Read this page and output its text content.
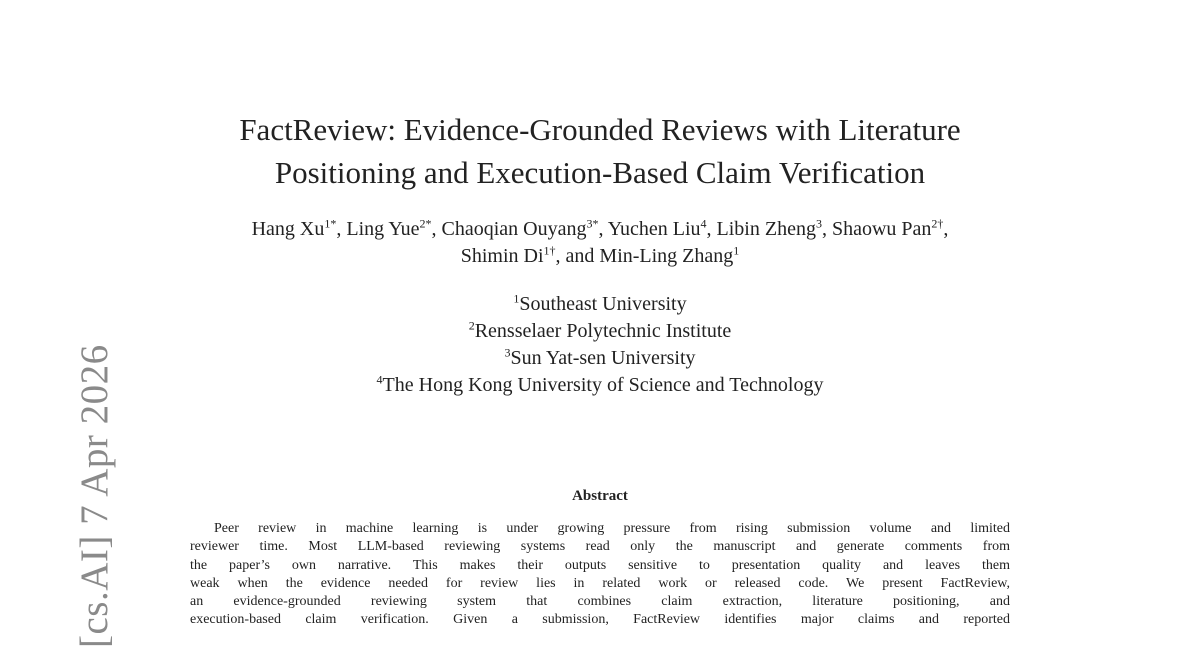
[cs.AI] 7 Apr 2026
FactReview: Evidence-Grounded Reviews with Literature
Positioning and Execution-Based Claim Verification
Hang $Xu^{1*}$, Ling Yue$^{2*}$, Chaoqian Ouyang$^{3*}$, Yuchen Liu$^4$, Libin Zheng$^3$, Shaowu Pan$^{2\dagger}$,
Shimin $Di^{1\dagger}$, and Min-Ling Zhang$^1$
$^1$Southeast University
$^2$Rensselaer Polytechnic Institute
$^3$Sun Yat-sen University
$^4$The Hong Kong University of Science and Technology
Abstract
Peer review in machine learning is under growing pressure from rising submission volume and limited
reviewer time. Most LLM-based reviewing systems read only the manuscript and generate comments from
the paper’s own narrative. This makes their outputs sensitive to presentation quality and leaves them
weak when the evidence needed for review lies in related work or released code. We present FactReview,
an evidence-grounded reviewing system that combines claim extraction, literature positioning, and
execution-based claim verification. Given a submission, FactReview identifies major claims and reported
